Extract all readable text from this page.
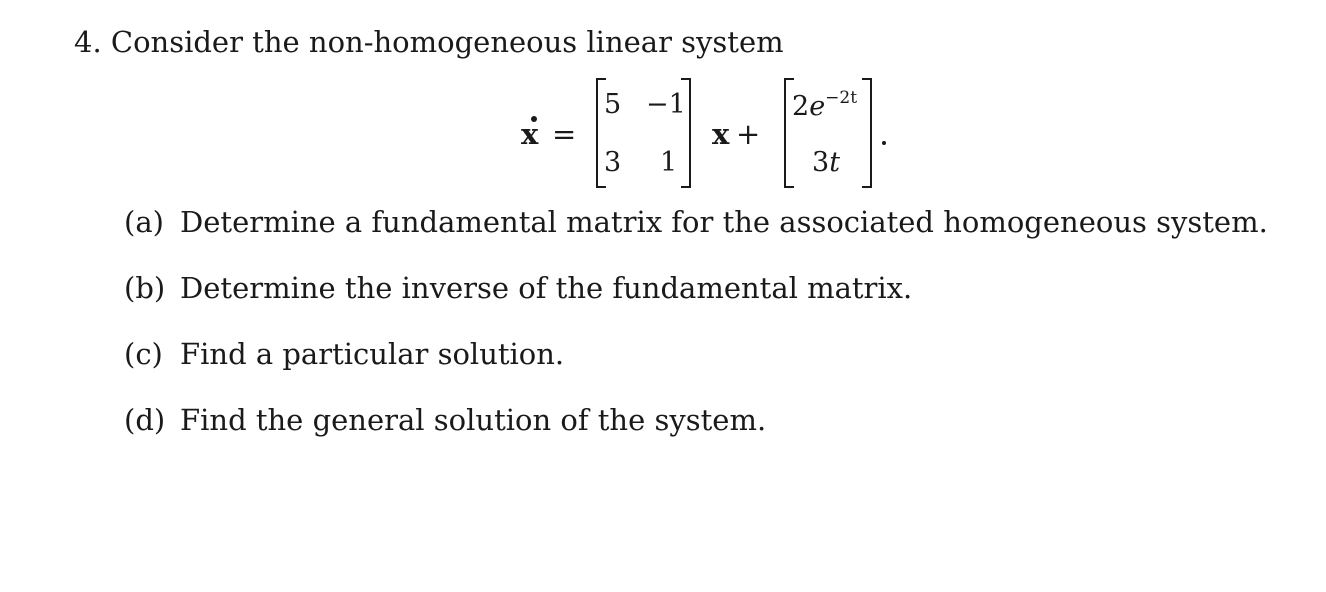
4. Consider the non-homogeneous linear system
x =
5 −1
3 1
x +
$2e^{-2t}$
3t
(a) Determine a fundamental matrix for the associated homogeneous system.
(b) Determine the inverse of the fundamental matrix.
(c) Find a particular solution.
(d) Find the general solution of the system.
